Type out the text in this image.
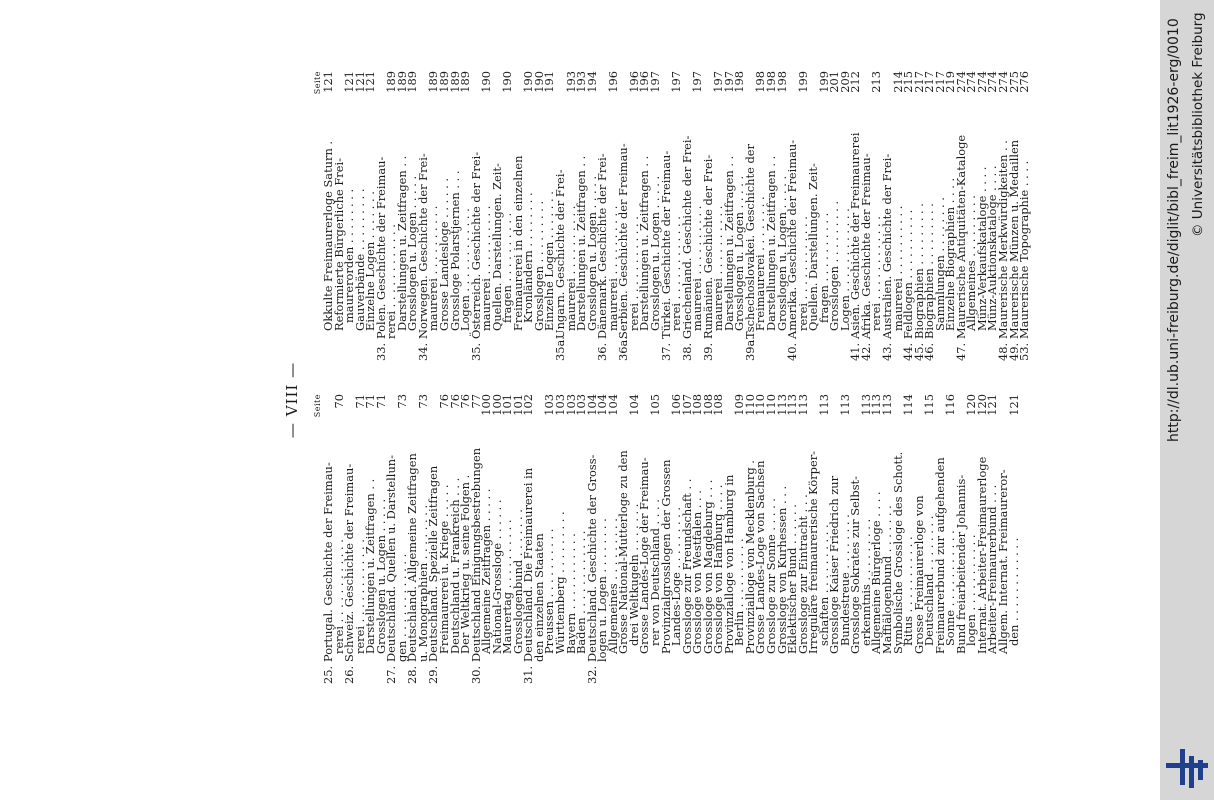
— VIII — Seite
25.
Portugal. Geschichte der Freimau-
rerei . . . . . . . . . . . .
70
26.
Schweiz. Geschichte der Freimau-
rerei . . . . . . . . . . . .
71
Darstellungen u. Zeitfragen . .
71
Grosslogen u. Logen . . . . .
71
27.
Deutschland. Quellen u. Darstellun-
gen . . . . . . . . . . . .
73
28.
Deutschland. Allgemeine Zeitfragen
u. Monographien . . . . . . . .
73
29.
Deutschland. Spezielle Zeitfragen
Freimaurerei u. Kriege . . . . .
76
Deutschland u. Frankreich . . .
76
Der Weltkrieg u. seine Folgen .
76
30.
Deutschland Einigungsbestrebungen
77
Allgemeine Zeitfragen . . . . .
100
National-Grossloge . . . . . .
100
Maurertag . . . . . . . . . .
101
Grosslogenbund . . . . . . .
101
31.
Deutschland. Die Freimaurerei in
102
den einzelnen Staaten
Preussen . . . . . . . . . .
103
Württemberg . . . . . . . . .
103
Bayern . . . . . . . . . . .
103
Baden . . . . . . . . . . . .
103
32.
Deutschland. Geschichte der Gross-
104
logen u. Logen . . . . . . . .
104
Allgemeines . . . . . . . . .
104
Grosse National-Mutterloge zu den
drei Weltkugeln . . . . . . .
104
Grosse Landes-Loge der Freimau-
rer von Deutschland . . . .
105
Provinzialgrosslogen der Grossen
Landes-Loge . . . . . . . . .
106
Grossloge zur Freundschaft . .
107
Grossloge von Westfalen . . .
108
Grossloge von Magdeburg . . .
108
Grossloge von Hamburg . . . .
108
Provinzialloge von Hamburg in
Berlin . . . . . . . . . .
109
Provinzialloge von Mecklenburg .
110
Grosse Landes-Loge von Sachsen
110
Grossloge zur Sonne . . . . .
110
Grossloge von Kurhessen . . .
113
Eklektischer Bund . . . . . .
113
Grossloge zur Eintracht . . .
113
Irreguläre freimaurerische Körper-
schaften . . . . . . . . . .
113
Grossloge Kaiser Friedrich zur
Bundestreue . . . . . . . .
113
Grossloge Sokrates zur Selbst-
erkenntnis . . . . . . . . .
113
Allgemeine Bürgerloge . . . .
113
Maffiälogenbund . . . . . . .
113
Symbolische Grossloge des Schott.
Ritus . . . . . . . . . . .
114
Grosse Freimaurerloge von
Deutschland . . . . . . . .
115
Freimaurerbund zur aufgehenden
Sonne . . . . . . . . . . .
116
Bund freiarbeitender Johannis-
logen . . . . . . . . . . .
120
Internat. Arbeiter-Freimaurerloge
120
Arbeiter-Freimaurerbund . . .
121
Allgem. Internat. Freimaureror-
den . . . . . . . . . . . .
121
Seite
Okkulte Freimaurerloge Saturn .
121
Reformierte Bürgerliche Frei-
maurerorden . . . . . . . .
121
Gauverbände . . . . . . . . .
121
Einzelne Logen . . . . . . .
121
33.
Polen. Geschichte der Freimau-
rerei . . . . . . . . . . . .
189
Darstellungen u. Zeitfragen . .
189
Grosslogen u. Logen . . . . .
189
34.
Norwegen. Geschichte der Frei-
maurerei . . . . . . . . . .
189
Grosse Landesloge . . . . . .
189
Grossloge Polarstjernen . . .
189
Logen . . . . . . . . . . . .
189
35.
Österreich. Geschichte der Frei-
maurerei . . . . . . . . . .
190
Quellen. Darstellungen. Zeit-
fragen . . . . . . . . . .
190
Freimaurerei in den einzelnen
Kronländern . . . . . . . .
190
Grosslogen . . . . . . . . .
190
Einzelne Logen . . . . . . .
191
35a.
Ungarn. Geschichte der Frei-
maurerei . . . . . . . . . .
193
Darstellungen u. Zeitfragen . .
193
Grosslogen u. Logen . . . . .
194
36.
Dänemark. Geschichte der Frei-
maurerei . . . . . . . . . .
196
36a.
Serbien. Geschichte der Freimau-
rerei . . . . . . . . . . . .
196
Darstellungen u. Zeitfragen . .
196
Grosslogen u. Logen . . . . .
197
37.
Türkei. Geschichte der Freimau-
rerei . . . . . . . . . . . .
197
38.
Griechenland. Geschichte der Frei-
maurerei . . . . . . . . . .
197
39.
Rumänien. Geschichte der Frei-
maurerei . . . . . . . . . .
197
Darstellungen u. Zeitfragen . .
197
Grosslogen u. Logen . . . . .
198
39a.
Tschechoslovakei. Geschichte der
Freimaurerei . . . . . . . .
198
Darstellungen u. Zeitfragen . .
198
Grosslogen u. Logen . . . . .
198
40.
Amerika. Geschichte der Freimau-
rerei . . . . . . . . . . . .
199
Quellen. Darstellungen. Zeit-
fragen . . . . . . . . . .
199
Grosslogen . . . . . . . . .
201
Logen . . . . . . . . . . . .
209
41.
Asien. Geschichte der Freimaurerei
212
42.
Afrika. Geschichte der Freimau-
rerei . . . . . . . . . . . .
213
43.
Australien. Geschichte der Frei-
maurerei . . . . . . . . . .
214
44.
Feldlogen . . . . . . . . . .
215
45.
Biographien . . . . . . . . .
217
46.
Biographien . . . . . . . . .
217
Sammlungen . . . . . . . .
217
Einzelne Biographien . . . .
219
47.
Maurerische Antiquitäten-Kataloge
274
Allgemeines . . . . . . . . .
274
Münz-Verkaufskataloge . . . .
274
Münz-Auktionskataloge . . . .
274
48.
Maurerische Merkwürdigkeiten . .
274
49.
Maurerische Münzen u. Medaillen
275
53.
Maurerische Topographie . . . .
276	http://dl.ub.uni-freiburg.de/diglit/bibl_freim_lit1926-erg/0010 © Universitätsbibliothek Freiburg
